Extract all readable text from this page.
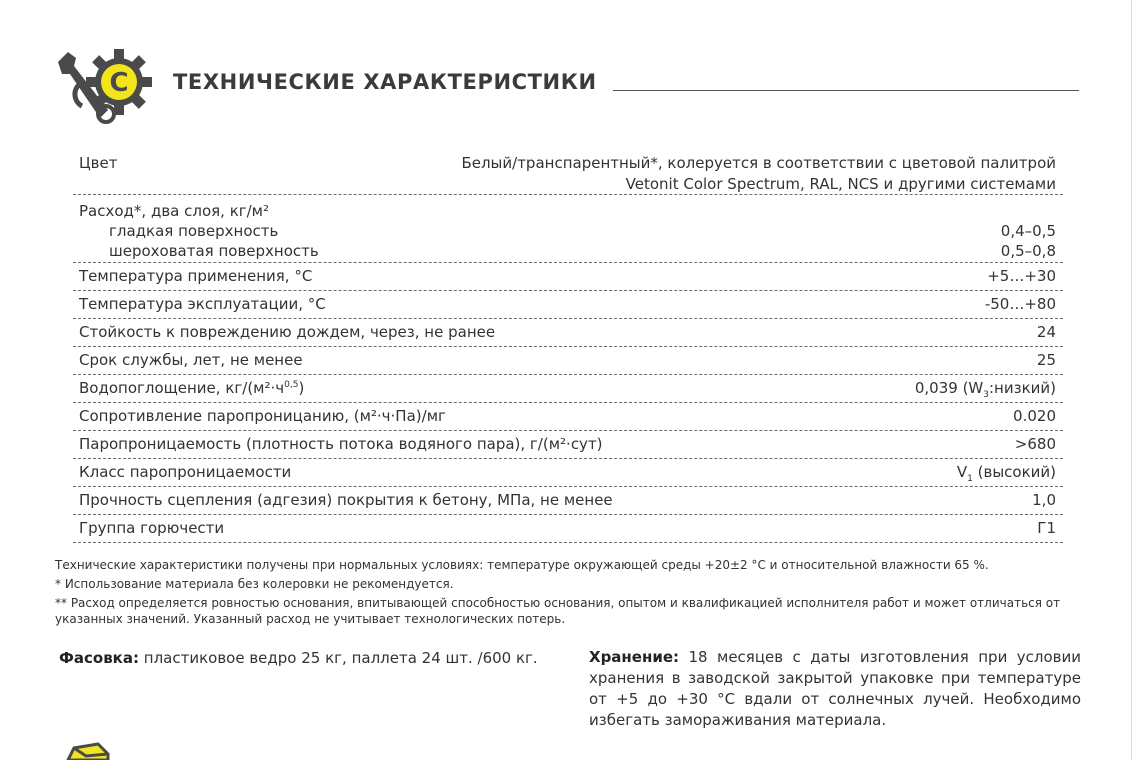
C ТЕХНИЧЕСКИЕ ХАРАКТЕРИСТИКИ
Цвет	Белый/транспарентный*, колеруется в соответствии с цветовой палитрой
Vetonit Color Spectrum, RAL, NCS и другими системами
Расход*, два слоя, кг/м²
гладкая поверхность	0,4–0,5
шероховатая поверхность	0,5–0,8
Температура применения, °С	+5…+30
Температура эксплуатации, °С	-50…+80
Стойкость к повреждению дождем, через, не ранее	24
Срок службы, лет, не менее	25
Водопоглощение, $кг/(м^2\cdot ч^{0,5})$	0,039 $(W_3:низкий)$
Сопротивление паропроницанию, (м²·ч·Па)/мг	0.020
Паропроницаемость (плотность потока водяного пара), г/(м²·сут)	>680
Класс паропроницаемости	$V_1$ (высокий)
Прочность сцепления (адгезия) покрытия к бетону, МПа, не менее	1,0
Группа горючести	Г1

Технические характеристики получены при нормальных условиях: температуре окружающей среды +20±2 °С и относительной влажности 65 %.

* Использование материала без колеровки не рекомендуется.

** Расход определяется ровностью основания, впитывающей способностью основания, опытом и квалификацией исполнителя работ и может отличаться от указанных значений. Указанный расход не учитывает технологических потерь.

Фасовка: пластиковое ведро 25 кг, паллета 24 шт. /600 кг.	Хранение: 18 месяцев с даты изготовления при условии хранения в заводской закрытой упаковке при температуре от +5 до +30 °С вдали от солнечных лучей. Необходимо избегать замораживания материала.
